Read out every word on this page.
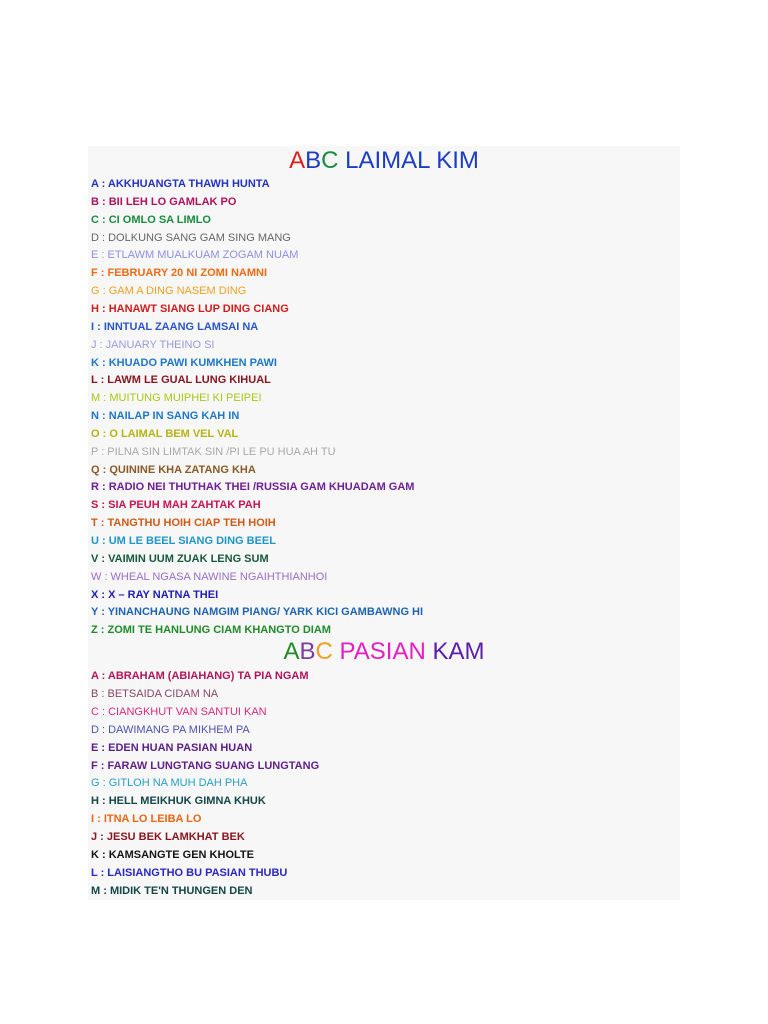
ABC LAIMAL KIM
A : AKKHUANGTA THAWH HUNTA
B : BII LEH LO GAMLAK PO
C : CI OMLO SA LIMLO
D : DOLKUNG SANG GAM SING MANG
E : ETLAWM MUALKUAM ZOGAM NUAM
F : FEBRUARY 20 NI ZOMI NAMNI
G : GAM A DING NASEM DING
H : HANAWT SIANG LUP DING CIANG
I : INNTUAL ZAANG LAMSAI NA
J : JANUARY THEINO SI
K : KHUADO PAWI KUMKHEN PAWI
L : LAWM LE GUAL LUNG KIHUAL
M : MUITUNG MUIPHEI KI PEIPEI
N : NAILAP IN SANG KAH IN
O : O LAIMAL BEM VEL VAL
P : PILNA SIN LIMTAK SIN /PI LE PU HUA AH TU
Q : QUININE KHA ZATANG KHA
R : RADIO NEI THUTHAK THEI /RUSSIA GAM KHUADAM GAM
S : SIA PEUH MAH ZAHTAK PAH
T : TANGTHU HOIH CIAP TEH HOIH
U : UM LE BEEL SIANG DING BEEL
V : VAIMIN UUM ZUAK LENG SUM
W : WHEAL NGASA NAWINE NGAIHTHIANHOI
X : X – RAY NATNA THEI
Y : YINANCHAUNG NAMGIM PIANG/ YARK KICI GAMBAWNG HI
Z : ZOMI TE HANLUNG CIAM KHANGTO DIAM
ABC PASIAN KAM
A : ABRAHAM (ABIAHANG) TA PIA NGAM
B : BETSAIDA CIDAM NA
C : CIANGKHUT VAN SANTUI KAN
D : DAWIMANG PA MIKHEM PA
E : EDEN HUAN PASIAN HUAN
F : FARAW LUNGTANG SUANG LUNGTANG
G : GITLOH NA MUH DAH PHA
H : HELL MEIKHUK GIMNA KHUK
I : ITNA LO LEIBA LO
J : JESU BEK LAMKHAT BEK
K : KAMSANGTE GEN KHOLTE
L : LAISIANGTHO BU PASIAN THUBU
M : MIDIK TE'N THUNGEN DEN
